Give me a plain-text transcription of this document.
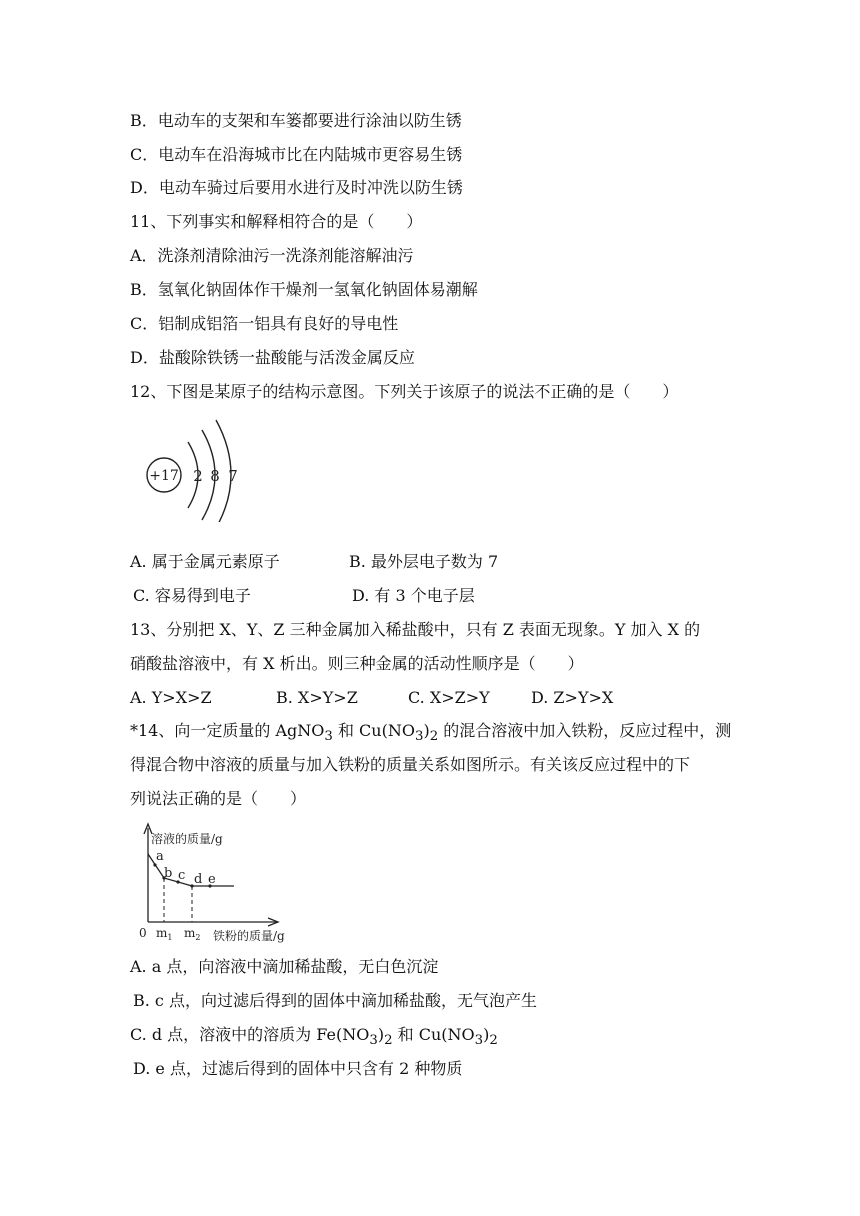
B．电动车的支架和车篓都要进行涂油以防生锈
C．电动车在沿海城市比在内陆城市更容易生锈
D．电动车骑过后要用水进行及时冲洗以防生锈
11、下列事实和解释相符合的是（　　）
A．洗涤剂清除油污一洗涤剂能溶解油污
B．氢氧化钠固体作干燥剂一氢氧化钠固体易潮解
C．铝制成铝箔一铝具有良好的导电性
D．盐酸除铁锈一盐酸能与活泼金属反应
12、下图是某原子的结构示意图。下列关于该原子的说法不正确的是（　　）
+17 2 8 7
A. 属于金属元素原子	B. 最外层电子数为 7
C. 容易得到电子	D. 有 3 个电子层
13、分别把 X、Y、Z 三种金属加入稀盐酸中，只有 Z 表面无现象。Y 加入 X 的
硝酸盐溶液中，有 X 析出。则三种金属的活动性顺序是（　　）
A. Y>X>Z	B. X>Y>Z	C. X>Z>Y	D. Z>Y>X
*14、向一定质量的 AgNO$_3$ 和 $Cu(NO_3)_2$ 的混合溶液中加入铁粉，反应过程中，测
得混合物中溶液的质量与加入铁粉的质量关系如图所示。有关该反应过程中的下
列说法正确的是（　　）
溶液的质量/g
铁粉的质量/g
0 $m_1$ $m_2$
a
b c d e
A. a 点，向溶液中滴加稀盐酸，无白色沉淀
B. c 点，向过滤后得到的固体中滴加稀盐酸，无气泡产生
C. d 点，溶液中的溶质为 $Fe(NO_3)_2$ 和 $Cu(NO_3)_2$
D. e 点，过滤后得到的固体中只含有 2 种物质
